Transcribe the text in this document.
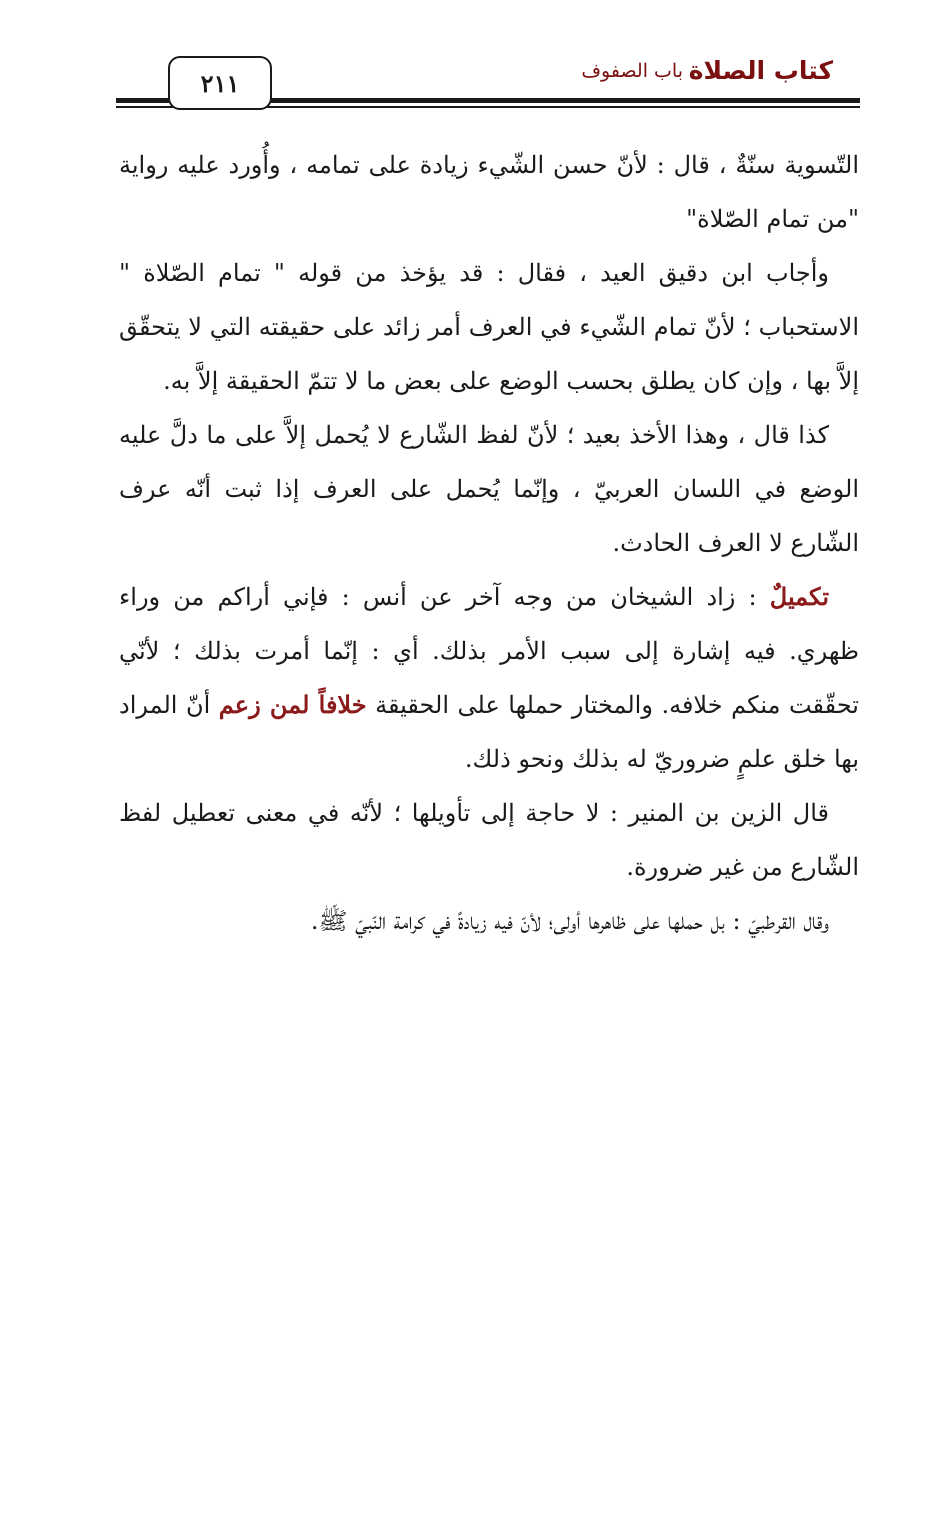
كتاب الصلاة
باب الصفوف
٢١١

التّسوية سنّةٌ ، قال : لأنّ حسن الشّيء زيادة على تمامه ، وأُورد عليه رواية "من تمام الصّلاة"

وأجاب ابن دقيق العيد ، فقال : قد يؤخذ من قوله " تمام الصّلاة " الاستحباب ؛ لأنّ تمام الشّيء في العرف أمر زائد على حقيقته التي لا يتحقّق إلاَّ بها ، وإن كان يطلق بحسب الوضع على بعض ما لا تتمّ الحقيقة إلاَّ به.

كذا قال ، وهذا الأخذ بعيد ؛ لأنّ لفظ الشّارع لا يُحمل إلاَّ على ما دلَّ عليه الوضع في اللسان العربيّ ، وإنّما يُحمل على العرف إذا ثبت أنّه عرف الشّارع لا العرف الحادث.

تكميلٌ : زاد الشيخان من وجه آخر عن أنس : فإني أراكم من وراء ظهري. فيه إشارة إلى سبب الأمر بذلك. أي : إنّما أمرت بذلك ؛ لأنّي تحقّقت منكم خلافه. والمختار حملها على الحقيقة خلافاً لمن زعم أنّ المراد بها خلق علمٍ ضروريّ له بذلك ونحو ذلك.

قال الزين بن المنير : لا حاجة إلى تأويلها ؛ لأنّه في معنى تعطيل لفظ الشّارع من غير ضرورة.

وقال القرطبيّ : بل حملها على ظاهرها أولى؛ لأنّ فيه زيادةً في كرامة النّبيّ ﷺ.
